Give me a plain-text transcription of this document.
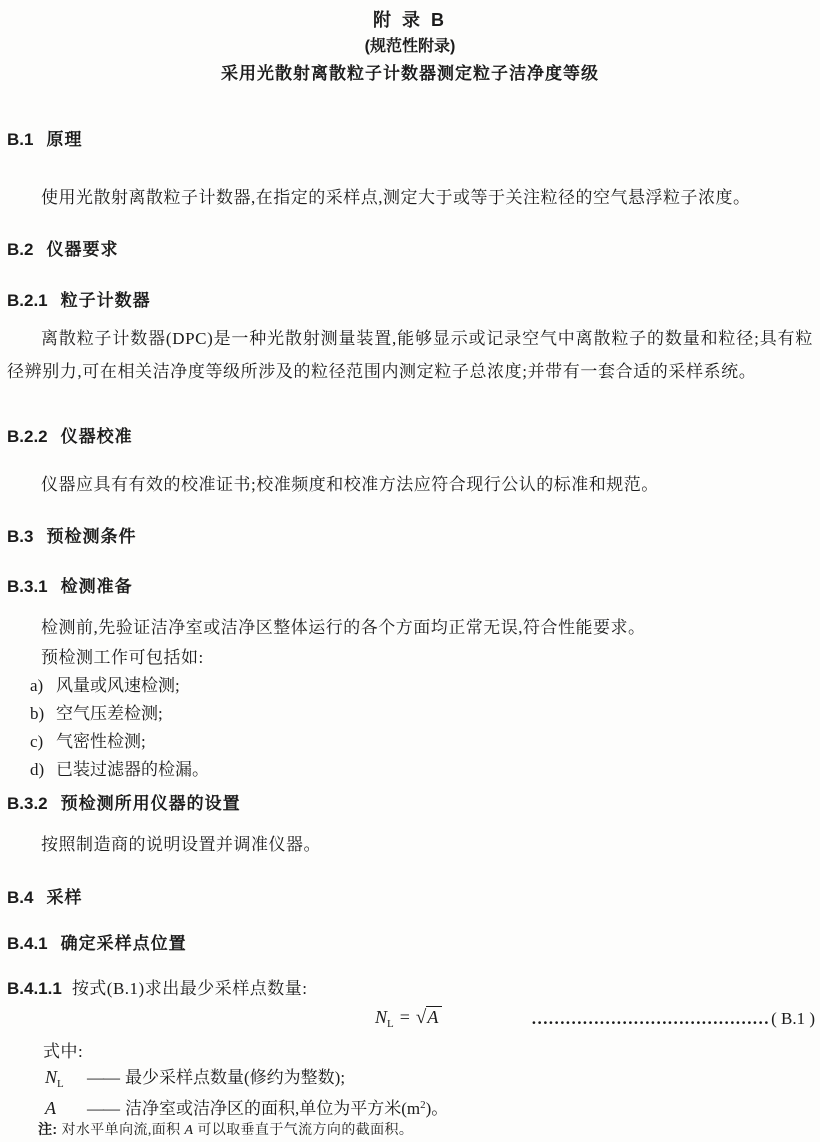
附 录 B
(规范性附录)
采用光散射离散粒子计数器测定粒子洁净度等级
B.1 原理
使用光散射离散粒子计数器,在指定的采样点,测定大于或等于关注粒径的空气悬浮粒子浓度。
B.2 仪器要求
B.2.1 粒子计数器
离散粒子计数器(DPC)是一种光散射测量装置,能够显示或记录空气中离散粒子的数量和粒径;具有粒径辨别力,可在相关洁净度等级所涉及的粒径范围内测定粒子总浓度;并带有一套合适的采样系统。
B.2.2 仪器校准
仪器应具有有效的校准证书;校准频度和校准方法应符合现行公认的标准和规范。
B.3 预检测条件
B.3.1 检测准备
检测前,先验证洁净室或洁净区整体运行的各个方面均正常无误,符合性能要求。
预检测工作可包括如:
a) 风量或风速检测;
b) 空气压差检测;
c) 气密性检测;
d) 已装过滤器的检漏。
B.3.2 预检测所用仪器的设置
按照制造商的说明设置并调准仪器。
B.4 采样
B.4.1 确定采样点位置
B.4.1.1 按式(B.1)求出最少采样点数量:
$N_L = √A$	…………………………………… ( B.1 )
式中:
$N_L$ —— 最少采样点数量(修约为整数);
A —— 洁净室或洁净区的面积,单位为平方米$(m^2)$。
注: 对水平单向流,面积 A 可以取垂直于气流方向的截面积。
